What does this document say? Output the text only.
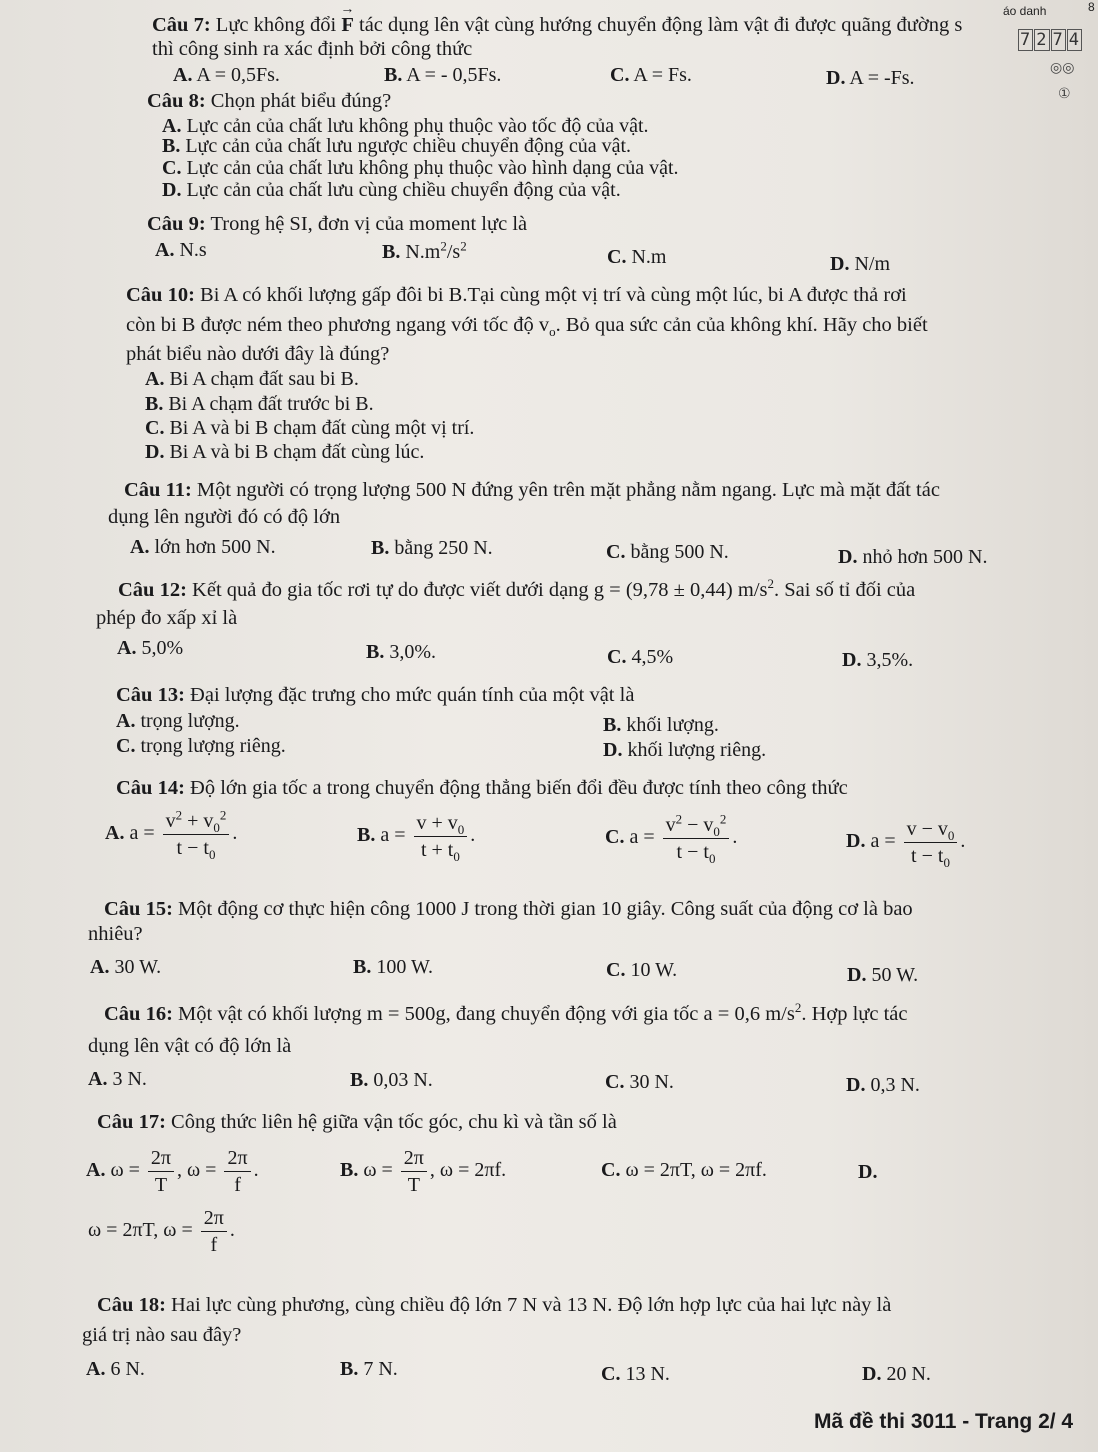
áo danh	8
7 2 7 4
◎◎
①
Câu 7: Lực không đổi → F tác dụng lên vật cùng hướng chuyển động làm vật đi được quãng đường s
thì công sinh ra xác định bởi công thức
A. A = 0,5Fs.	B. A = - 0,5Fs.	C. A = Fs.	D. A = -Fs.
Câu 8: Chọn phát biểu đúng?
A. Lực cản của chất lưu không phụ thuộc vào tốc độ của vật.
B. Lực cản của chất lưu ngược chiều chuyển động của vật.
C. Lực cản của chất lưu không phụ thuộc vào hình dạng của vật.
D. Lực cản của chất lưu cùng chiều chuyển động của vật.
Câu 9: Trong hệ SI, đơn vị của moment lực là
A. N.s	B. $N.m^2/s^2$
C. N.m	D. N/m
Câu 10: Bi A có khối lượng gấp đôi bi B.Tại cùng một vị trí và cùng một lúc, bi A được thả rơi
còn bi B được ném theo phương ngang với tốc độ $v_o$. Bỏ qua sức cản của không khí. Hãy cho biết
phát biểu nào dưới đây là đúng?
A. Bi A chạm đất sau bi B.
B. Bi A chạm đất trước bi B.
C. Bi A và bi B chạm đất cùng một vị trí.
D. Bi A và bi B chạm đất cùng lúc.
Câu 11: Một người có trọng lượng 500 N đứng yên trên mặt phẳng nằm ngang. Lực mà mặt đất tác
dụng lên người đó có độ lớn
A. lớn hơn 500 N.	B. bằng 250 N.	C. bằng 500 N.	D. nhỏ hơn 500 N.
Câu 12: Kết quả đo gia tốc rơi tự do được viết dưới dạng g = (9,78 ± 0,44) $m/s^2$. Sai số tỉ đối của
phép đo xấp xỉ là
A. 5,0%	B. 3,0%.	C. 4,5%	D. 3,5%.
Câu 13: Đại lượng đặc trưng cho mức quán tính của một vật là
A. trọng lượng.	B. khối lượng.
C. trọng lượng riêng.	D. khối lượng riêng.
Câu 14: Độ lớn gia tốc a trong chuyển động thẳng biến đổi đều được tính theo công thức
A. $a = \frac{v^2 + v_0^2}{t - t_0}$ .	B. $a = \frac{v + v_0}{t + t_0}$ .	C. $a = \frac{v^2 - v_0^2}{t - t_0}$ .	D. $a = \frac{v - v_0}{t - t_0}$ .
Câu 15: Một động cơ thực hiện công 1000 J trong thời gian 10 giây. Công suất của động cơ là bao
nhiêu?
A. 30 W.	B. 100 W.	C. 10 W.	D. 50 W.
Câu 16: Một vật có khối lượng m = 500g, đang chuyển động với gia tốc a = 0,6 $m/s^2$. Hợp lực tác
dụng lên vật có độ lớn là
A. 3 N.	B. 0,03 N.	C. 30 N.	D. 0,3 N.
Câu 17: Công thức liên hệ giữa vận tốc góc, chu kì và tần số là
A. $\omega = \frac{2\pi}{T}$ , $\omega = \frac{2\pi}{f}$ .	B. $\omega = \frac{2\pi}{T}$ , ω = 2πf.	C. ω = 2πT, ω = 2πf.	D.
ω = 2πT, $\omega = \frac{2\pi}{f}$ .
Câu 18: Hai lực cùng phương, cùng chiều độ lớn 7 N và 13 N. Độ lớn hợp lực của hai lực này là
giá trị nào sau đây?
A. 6 N.	B. 7 N.	C. 13 N.	D. 20 N.
Mã đề thi 3011 - Trang 2/ 4
